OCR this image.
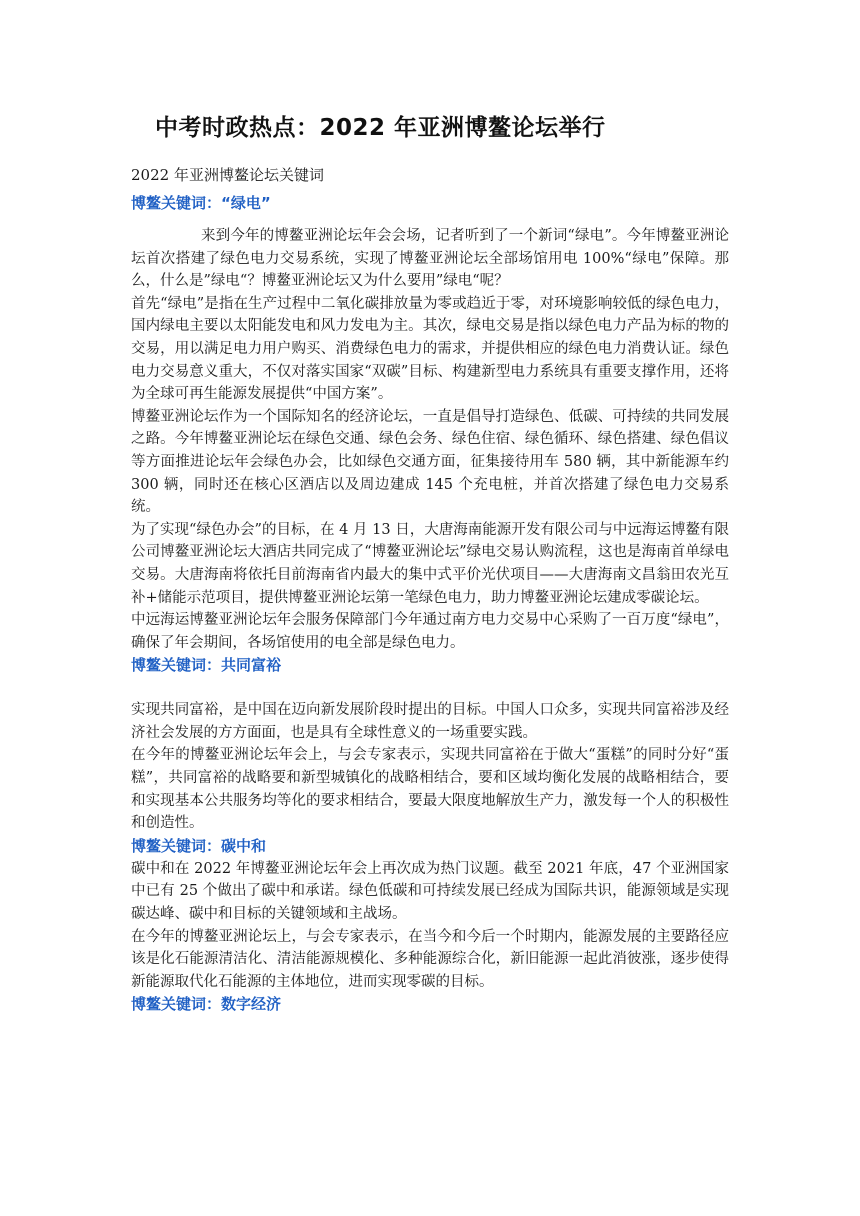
中考时政热点：2022 年亚洲博鳌论坛举行
2022 年亚洲博鳌论坛关键词
博鳌关键词：“绿电”

来到今年的博鳌亚洲论坛年会会场，记者听到了一个新词“绿电”。今年博鳌亚洲论坛首次搭建了绿色电力交易系统，实现了博鳌亚洲论坛全部场馆用电 100%“绿电”保障。那么，什么是”绿电“？博鳌亚洲论坛又为什么要用”绿电“呢？

首先“绿电”是指在生产过程中二氧化碳排放量为零或趋近于零，对环境影响较低的绿色电力，国内绿电主要以太阳能发电和风力发电为主。其次，绿电交易是指以绿色电力产品为标的物的交易，用以满足电力用户购买、消费绿色电力的需求，并提供相应的绿色电力消费认证。绿色电力交易意义重大，不仅对落实国家“双碳”目标、构建新型电力系统具有重要支撑作用，还将为全球可再生能源发展提供“中国方案”。

博鳌亚洲论坛作为一个国际知名的经济论坛，一直是倡导打造绿色、低碳、可持续的共同发展之路。今年博鳌亚洲论坛在绿色交通、绿色会务、绿色住宿、绿色循环、绿色搭建、绿色倡议等方面推进论坛年会绿色办会，比如绿色交通方面，征集接待用车 580 辆，其中新能源车约 300 辆，同时还在核心区酒店以及周边建成 145 个充电桩，并首次搭建了绿色电力交易系统。

为了实现“绿色办会”的目标，在 4 月 13 日，大唐海南能源开发有限公司与中远海运博鳌有限公司博鳌亚洲论坛大酒店共同完成了“博鳌亚洲论坛”绿电交易认购流程，这也是海南首单绿电交易。大唐海南将依托目前海南省内最大的集中式平价光伏项目——大唐海南文昌翁田农光互补+储能示范项目，提供博鳌亚洲论坛第一笔绿色电力，助力博鳌亚洲论坛建成零碳论坛。

中远海运博鳌亚洲论坛年会服务保障部门今年通过南方电力交易中心采购了一百万度“绿电”，确保了年会期间，各场馆使用的电全部是绿色电力。

博鳌关键词：共同富裕

实现共同富裕，是中国在迈向新发展阶段时提出的目标。中国人口众多，实现共同富裕涉及经济社会发展的方方面面，也是具有全球性意义的一场重要实践。

在今年的博鳌亚洲论坛年会上，与会专家表示，实现共同富裕在于做大“蛋糕”的同时分好“蛋糕”，共同富裕的战略要和新型城镇化的战略相结合，要和区域均衡化发展的战略相结合，要和实现基本公共服务均等化的要求相结合，要最大限度地解放生产力，激发每一个人的积极性和创造性。

博鳌关键词：碳中和

碳中和在 2022 年博鳌亚洲论坛年会上再次成为热门议题。截至 2021 年底，47 个亚洲国家中已有 25 个做出了碳中和承诺。绿色低碳和可持续发展已经成为国际共识，能源领域是实现碳达峰、碳中和目标的关键领域和主战场。

在今年的博鳌亚洲论坛上，与会专家表示，在当今和今后一个时期内，能源发展的主要路径应该是化石能源清洁化、清洁能源规模化、多种能源综合化，新旧能源一起此消彼涨，逐步使得新能源取代化石能源的主体地位，进而实现零碳的目标。

博鳌关键词：数字经济
